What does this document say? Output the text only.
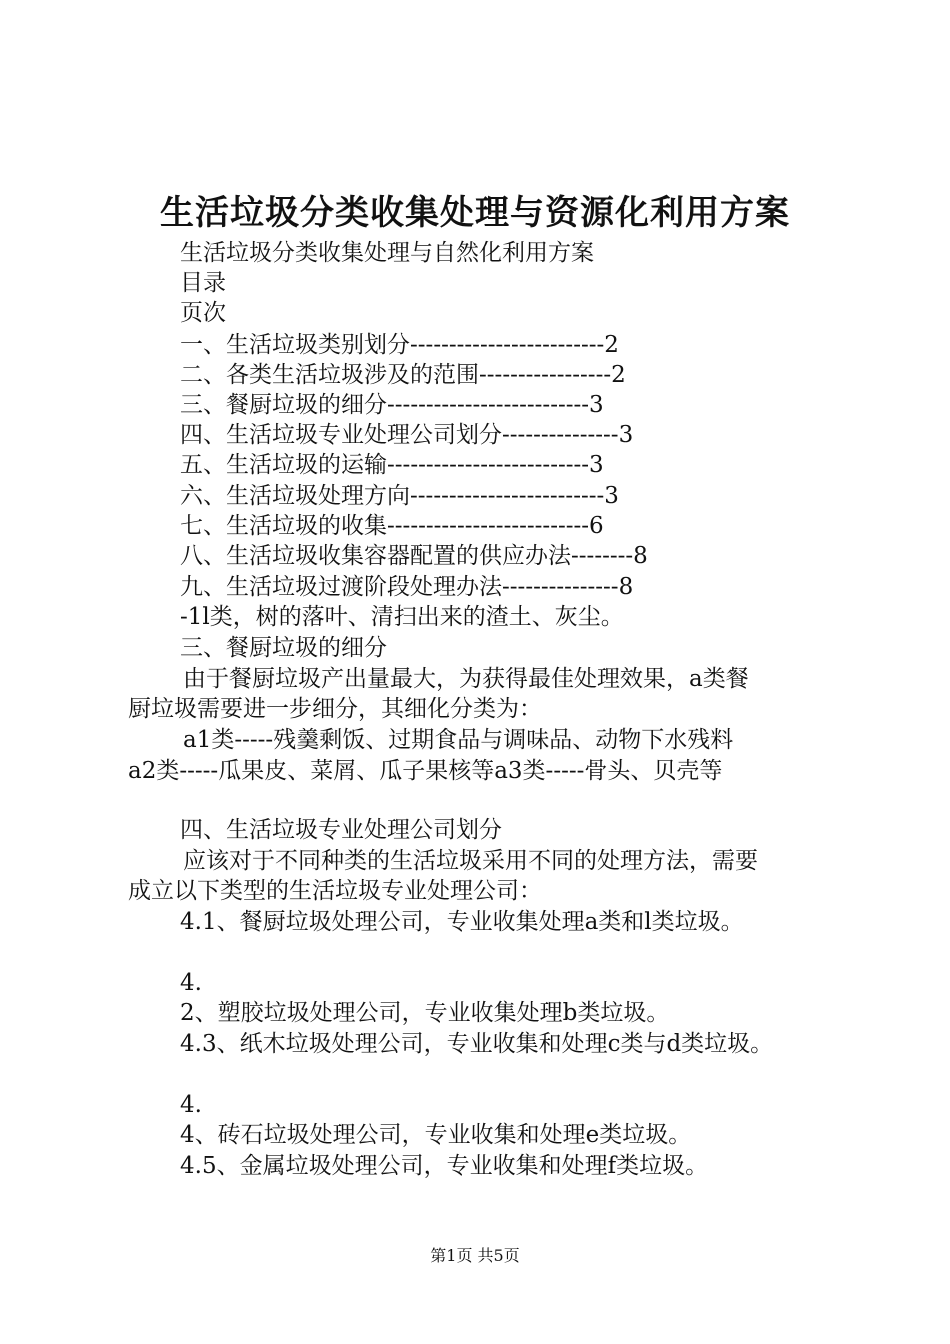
生活垃圾分类收集处理与资源化利用方案
生活垃圾分类收集处理与自然化利用方案
目录
页次
一、生活垃圾类别划分-------------------------2
二、各类生活垃圾涉及的范围-----------------2
三、餐厨垃圾的细分--------------------------3
四、生活垃圾专业处理公司划分---------------3
五、生活垃圾的运输--------------------------3
六、生活垃圾处理方向-------------------------3
七、生活垃圾的收集--------------------------6
八、生活垃圾收集容器配置的供应办法--------8
九、生活垃圾过渡阶段处理办法---------------8
-1l类，树的落叶、清扫出来的渣土、灰尘。
三、餐厨垃圾的细分
由于餐厨垃圾产出量最大，为获得最佳处理效果，a类餐
厨垃圾需要进一步细分，其细化分类为：
a1类-----残羹剩饭、过期食品与调味品、动物下水残料
a2类-----瓜果皮、菜屑、瓜子果核等a3类-----骨头、贝壳等
四、生活垃圾专业处理公司划分
应该对于不同种类的生活垃圾采用不同的处理方法，需要
成立以下类型的生活垃圾专业处理公司：
4.1、餐厨垃圾处理公司，专业收集处理a类和l类垃圾。
4.
2、塑胶垃圾处理公司，专业收集处理b类垃圾。
4.3、纸木垃圾处理公司，专业收集和处理c类与d类垃圾。
4.
4、砖石垃圾处理公司，专业收集和处理e类垃圾。
4.5、金属垃圾处理公司，专业收集和处理f类垃圾。
第1页 共5页
